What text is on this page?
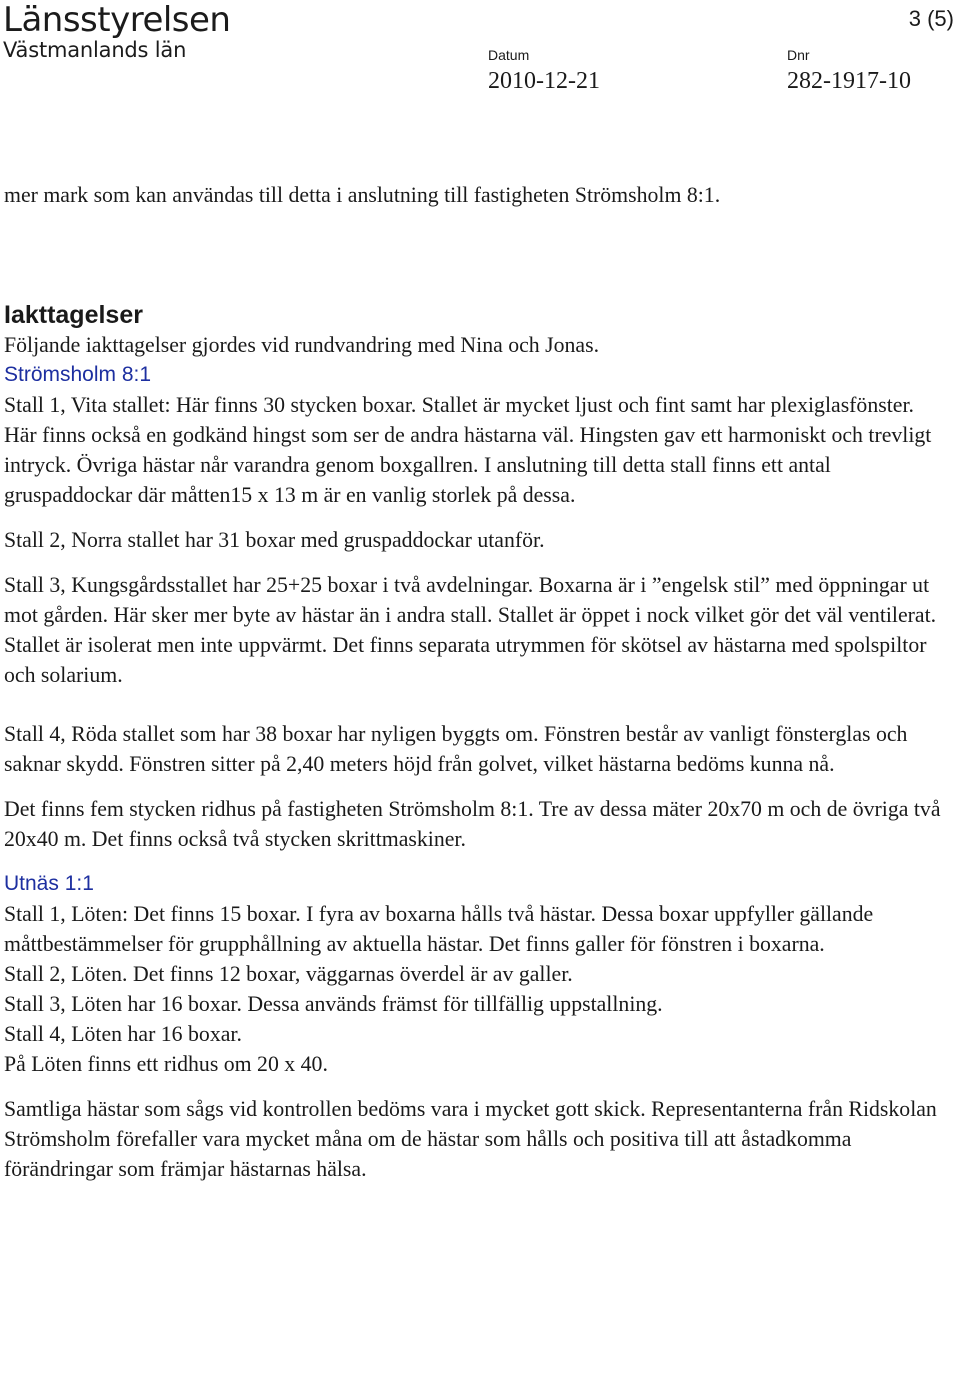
Länsstyrelsen
Västmanlands län
3 (5)
Datum
2010-12-21
Dnr
282-1917-10

mer mark som kan användas till detta i anslutning till fastigheten Strömsholm 8:1.

Iakttagelser

Följande iakttagelser gjordes vid rundvandring med Nina och Jonas.

Strömsholm 8:1

Stall 1, Vita stallet: Här finns 30 stycken boxar. Stallet är mycket ljust och fint samt har plexiglasfönster. Här finns också en godkänd hingst som ser de andra hästarna väl. Hingsten gav ett harmoniskt och trevligt intryck. Övriga hästar når varandra genom boxgallren. I anslutning till detta stall finns ett antal gruspaddockar där måtten15 x 13 m är en vanlig storlek på dessa.

Stall 2, Norra stallet har 31 boxar med gruspaddockar utanför.

Stall 3, Kungsgårdsstallet har 25+25 boxar i två avdelningar. Boxarna är i ”engelsk stil” med öppningar ut mot gården. Här sker mer byte av hästar än i andra stall. Stallet är öppet i nock vilket gör det väl ventilerat. Stallet är isolerat men inte uppvärmt. Det finns separata utrymmen för skötsel av hästarna med spolspiltor och solarium.

Stall 4, Röda stallet som har 38 boxar har nyligen byggts om. Fönstren består av vanligt fönsterglas och saknar skydd. Fönstren sitter på 2,40 meters höjd från golvet, vilket hästarna bedöms kunna nå.

Det finns fem stycken ridhus på fastigheten Strömsholm 8:1. Tre av dessa mäter 20x70 m och de övriga två 20x40 m. Det finns också två stycken skrittmaskiner.

Utnäs 1:1

Stall 1, Löten: Det finns 15 boxar. I fyra av boxarna hålls två hästar. Dessa boxar uppfyller gällande måttbestämmelser för grupphållning av aktuella hästar. Det finns galler för fönstren i boxarna.

Stall 2, Löten. Det finns 12 boxar, väggarnas överdel är av galler.

Stall 3, Löten har 16 boxar. Dessa används främst för tillfällig uppstallning.

Stall 4, Löten har 16 boxar.

På Löten finns ett ridhus om 20 x 40.

Samtliga hästar som sågs vid kontrollen bedöms vara i mycket gott skick. Representanterna från Ridskolan Strömsholm förefaller vara mycket måna om de hästar som hålls och positiva till att åstadkomma förändringar som främjar hästarnas hälsa.
